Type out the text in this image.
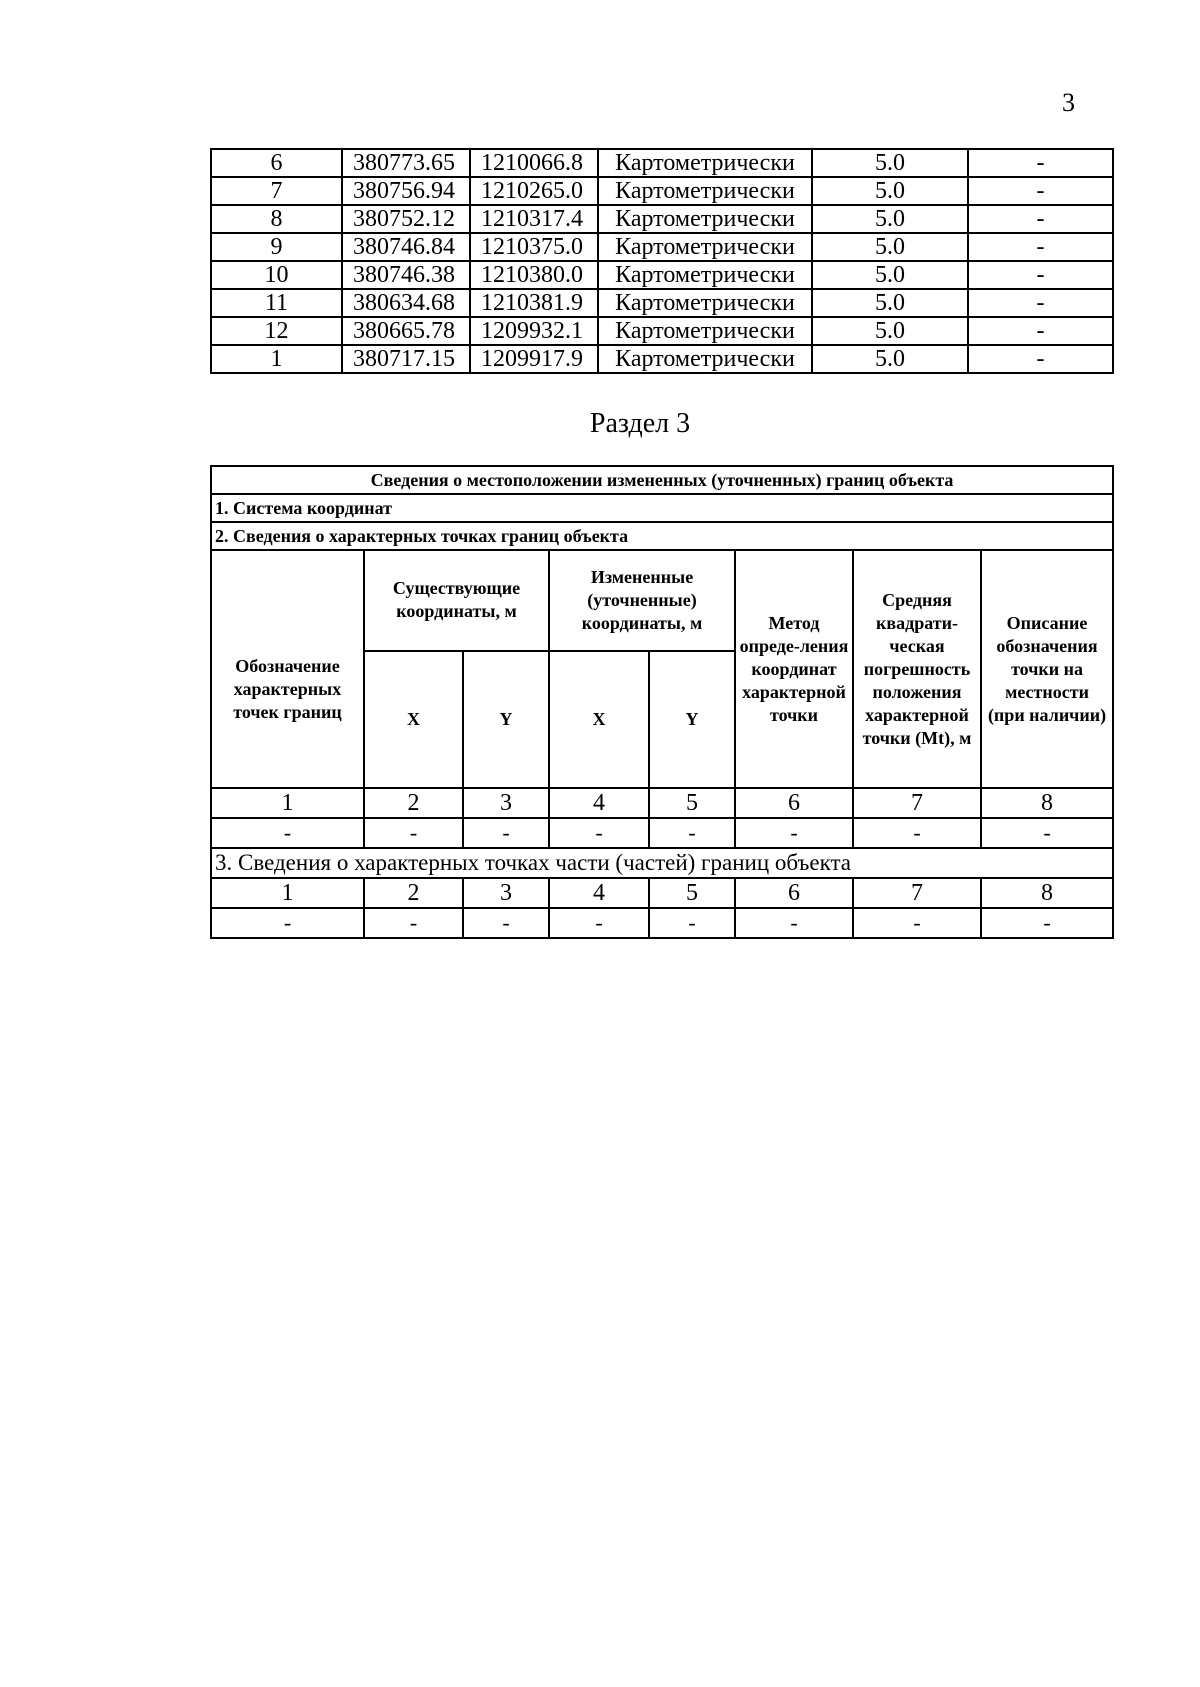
3
6	380773.65	1210066.8	Картометрически	5.0	-
7	380756.94	1210265.0	Картометрически	5.0	-
8	380752.12	1210317.4	Картометрически	5.0	-
9	380746.84	1210375.0	Картометрически	5.0	-
10	380746.38	1210380.0	Картометрически	5.0	-
11	380634.68	1210381.9	Картометрически	5.0	-
12	380665.78	1209932.1	Картометрически	5.0	-
1	380717.15	1209917.9	Картометрически	5.0	-
Раздел 3
Сведения о местоположении измененных (уточненных) границ объекта							
1. Система координат							
2. Сведения о характерных точках границ объекта							
Обозначение характерных точек границ	Существующие координаты, м		Измененные (уточненные) координаты, м		Метод опреде-ления координат характерной точки	Средняя квадрати-ческая погрешность положения характерной точки (Mt), м	Описание обозначения точки на местности (при наличии)
	X	Y	X	Y			
1	2	3	4	5	6	7	8
-	-	-	-	-	-	-	-
3. Сведения о характерных точках части (частей) границ объекта							
1	2	3	4	5	6	7	8
-	-	-	-	-	-	-	-
